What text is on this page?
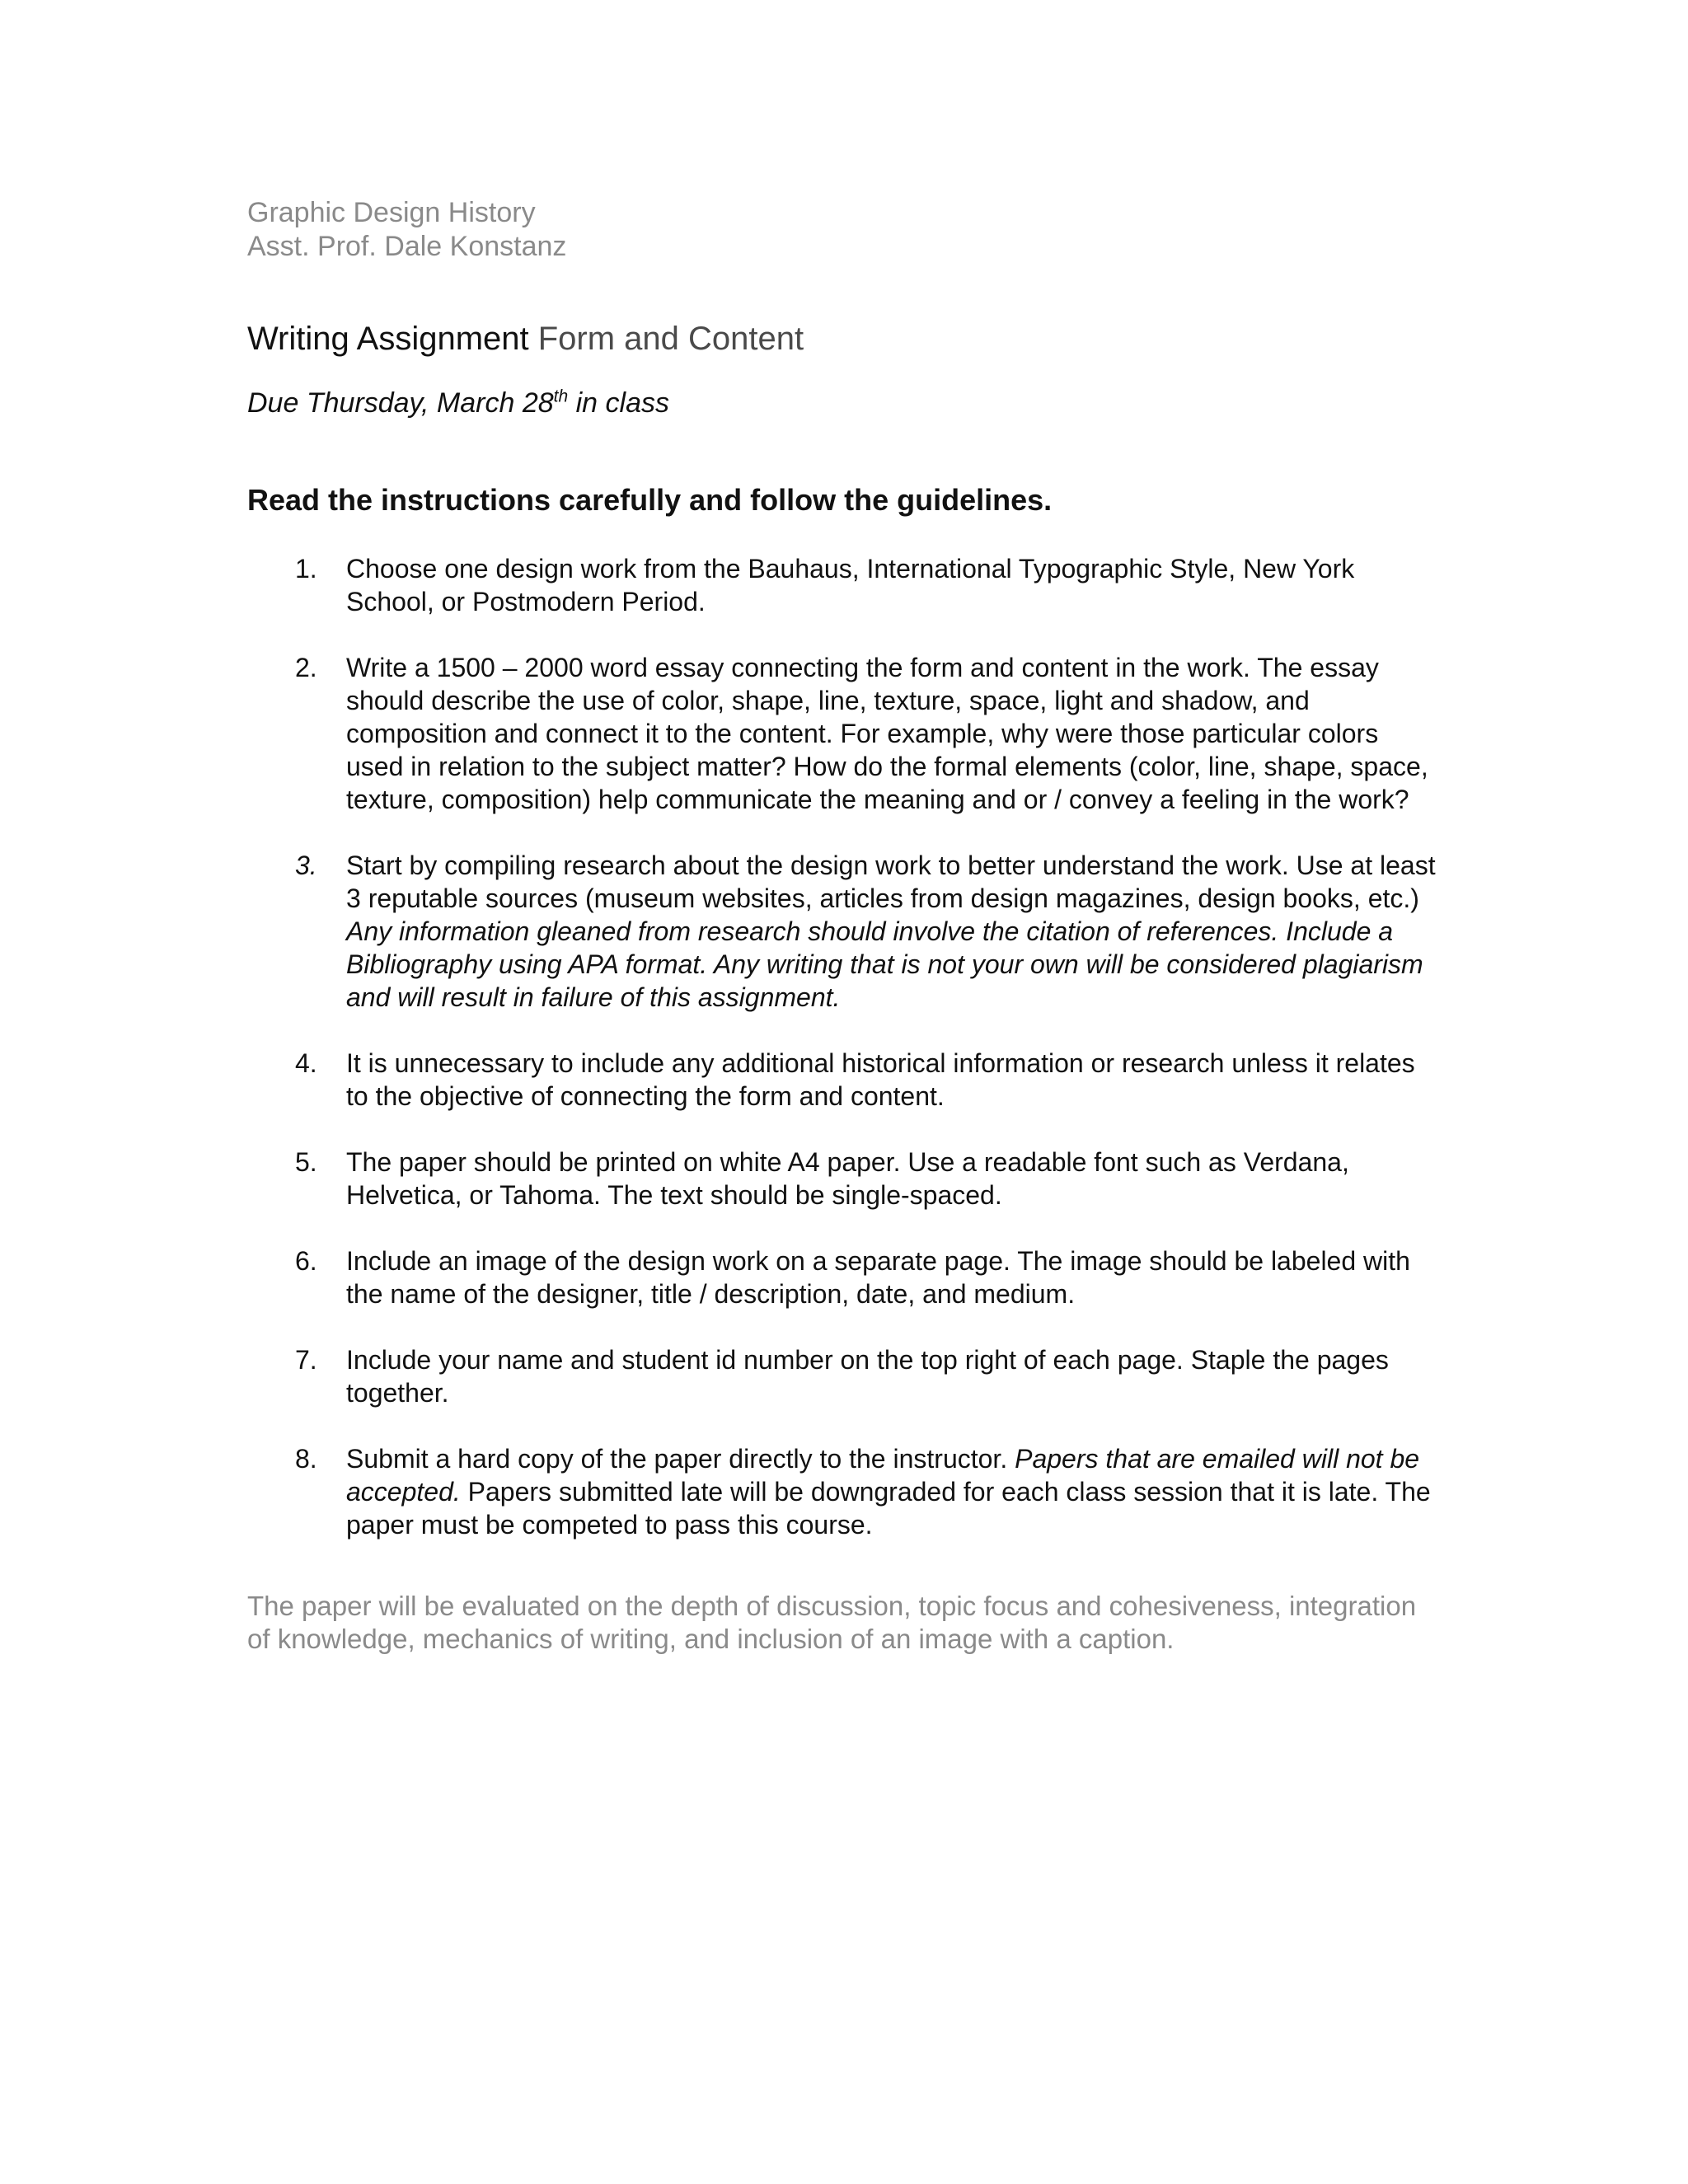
Graphic Design History
Asst. Prof. Dale Konstanz
Writing Assignment Form and Content
Due Thursday, March 28th in class
Read the instructions carefully and follow the guidelines.
1. Choose one design work from the Bauhaus, International Typographic Style, New York School, or Postmodern Period.
2. Write a 1500 – 2000 word essay connecting the form and content in the work. The essay should describe the use of color, shape, line, texture, space, light and shadow, and composition and connect it to the content. For example, why were those particular colors used in relation to the subject matter? How do the formal elements (color, line, shape, space, texture, composition) help communicate the meaning and or / convey a feeling in the work?
3. Start by compiling research about the design work to better understand the work. Use at least 3 reputable sources (museum websites, articles from design magazines, design books, etc.) Any information gleaned from research should involve the citation of references. Include a Bibliography using APA format. Any writing that is not your own will be considered plagiarism and will result in failure of this assignment.
4. It is unnecessary to include any additional historical information or research unless it relates to the objective of connecting the form and content.
5. The paper should be printed on white A4 paper. Use a readable font such as Verdana, Helvetica, or Tahoma. The text should be single-spaced.
6. Include an image of the design work on a separate page. The image should be labeled with the name of the designer, title / description, date, and medium.
7. Include your name and student id number on the top right of each page. Staple the pages together.
8. Submit a hard copy of the paper directly to the instructor. Papers that are emailed will not be accepted. Papers submitted late will be downgraded for each class session that it is late. The paper must be competed to pass this course.
The paper will be evaluated on the depth of discussion, topic focus and cohesiveness, integration of knowledge, mechanics of writing, and inclusion of an image with a caption.
